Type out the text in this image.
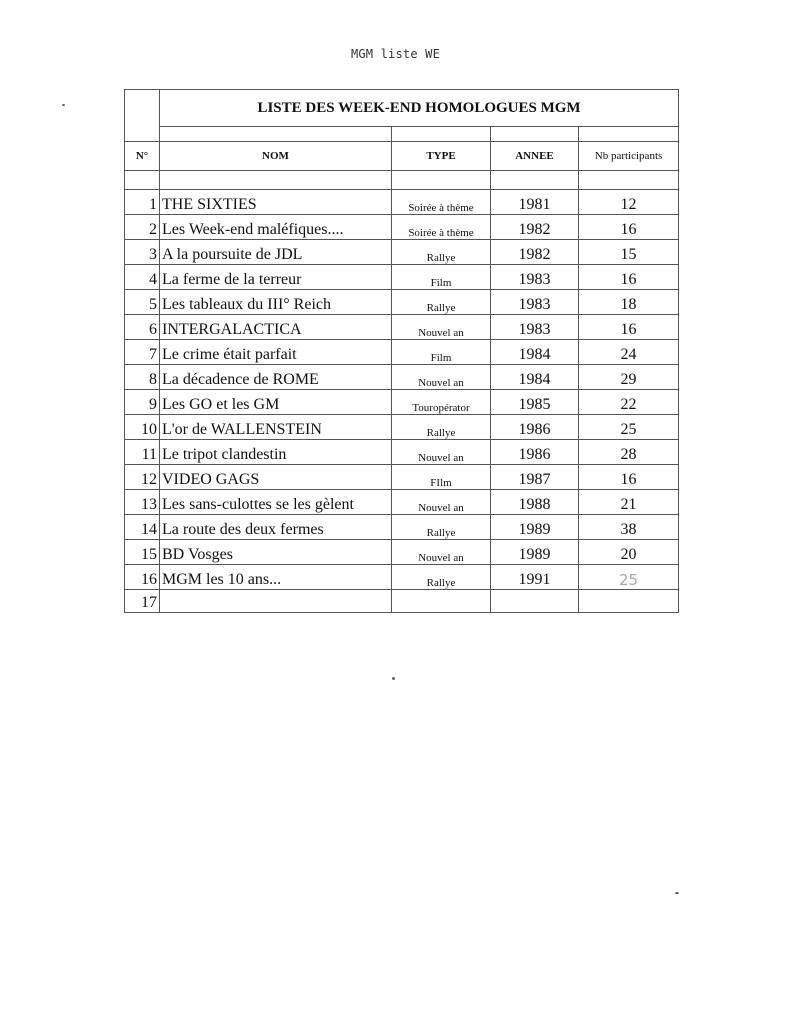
MGM liste WE
	LISTE DES WEEK-END HOMOLOGUES MGM			

N°	NOM	TYPE	ANNEE	Nb participants

1	THE SIXTIES	Soirée à thème	1981	12
2	Les Week-end maléfiques....	Soirée à thème	1982	16
3	A la poursuite de JDL	Rallye	1982	15
4	La ferme de la terreur	Film	1983	16
5	Les tableaux du III° Reich	Rallye	1983	18
6	INTERGALACTICA	Nouvel an	1983	16
7	Le crime était parfait	Film	1984	24
8	La décadence de ROME	Nouvel an	1984	29
9	Les GO et les GM	Touropérator	1985	22
10	L'or de WALLENSTEIN	Rallye	1986	25
11	Le tripot clandestin	Nouvel an	1986	28
12	VIDEO GAGS	FIlm	1987	16
13	Les sans-culottes se les gèlent	Nouvel an	1988	21
14	La route des deux fermes	Rallye	1989	38
15	BD Vosges	Nouvel an	1989	20
16	MGM les 10 ans...	Rallye	1991	25
17				
